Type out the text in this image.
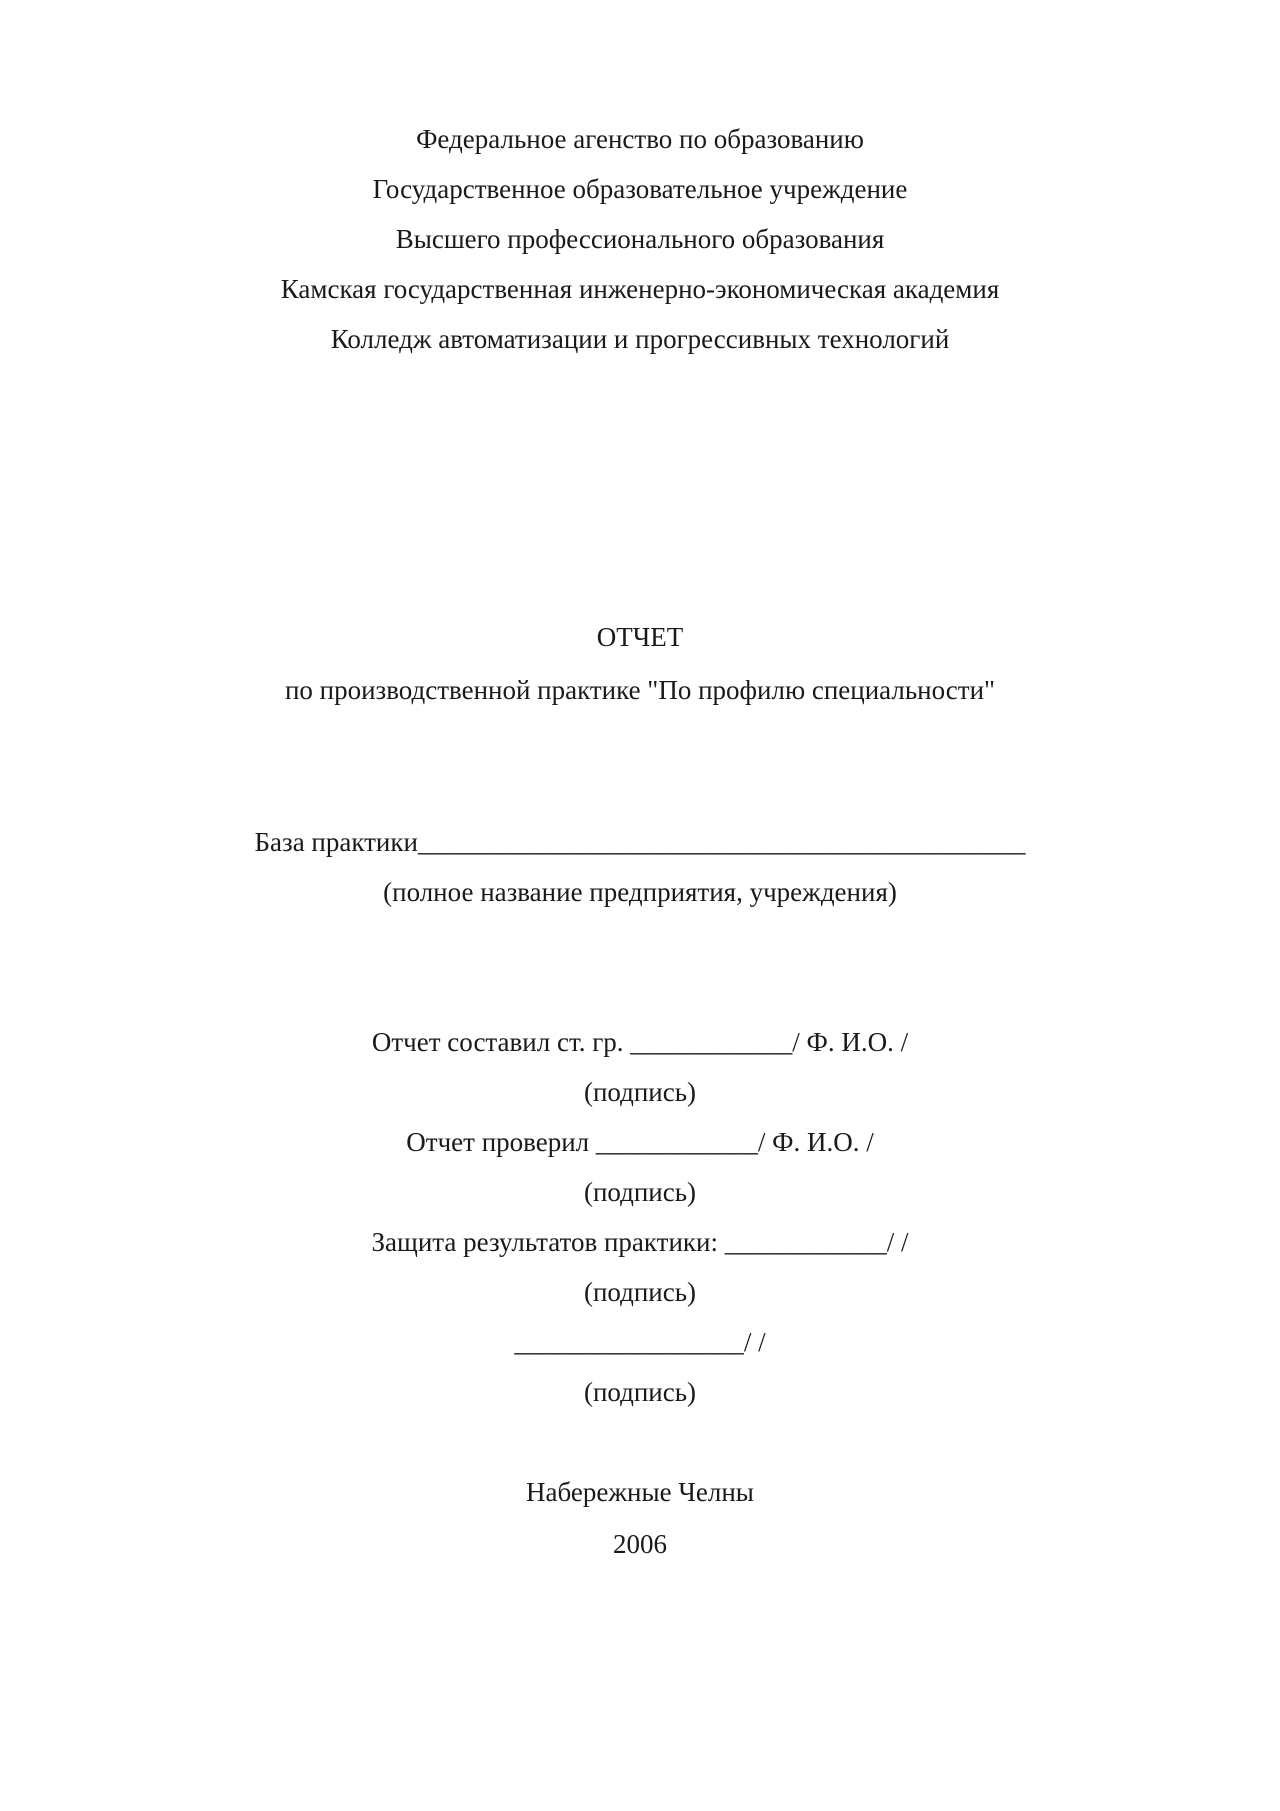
Федеральное агенство по образованию
Государственное образовательное учреждение
Высшего профессионального образования
Камская государственная инженерно-экономическая академия
Колледж автоматизации и прогрессивных технологий
ОТЧЕТ
по производственной практике "По профилю специальности"
База практики_____________________________________________
(полное название предприятия, учреждения)
Отчет составил ст. гр. ____________/ Ф. И.О. /
(подпись)
Отчет проверил ____________/ Ф. И.О. /
(подпись)
Защита результатов практики: ____________/ /
(подпись)
_________________/ /
(подпись)
Набережные Челны
2006
